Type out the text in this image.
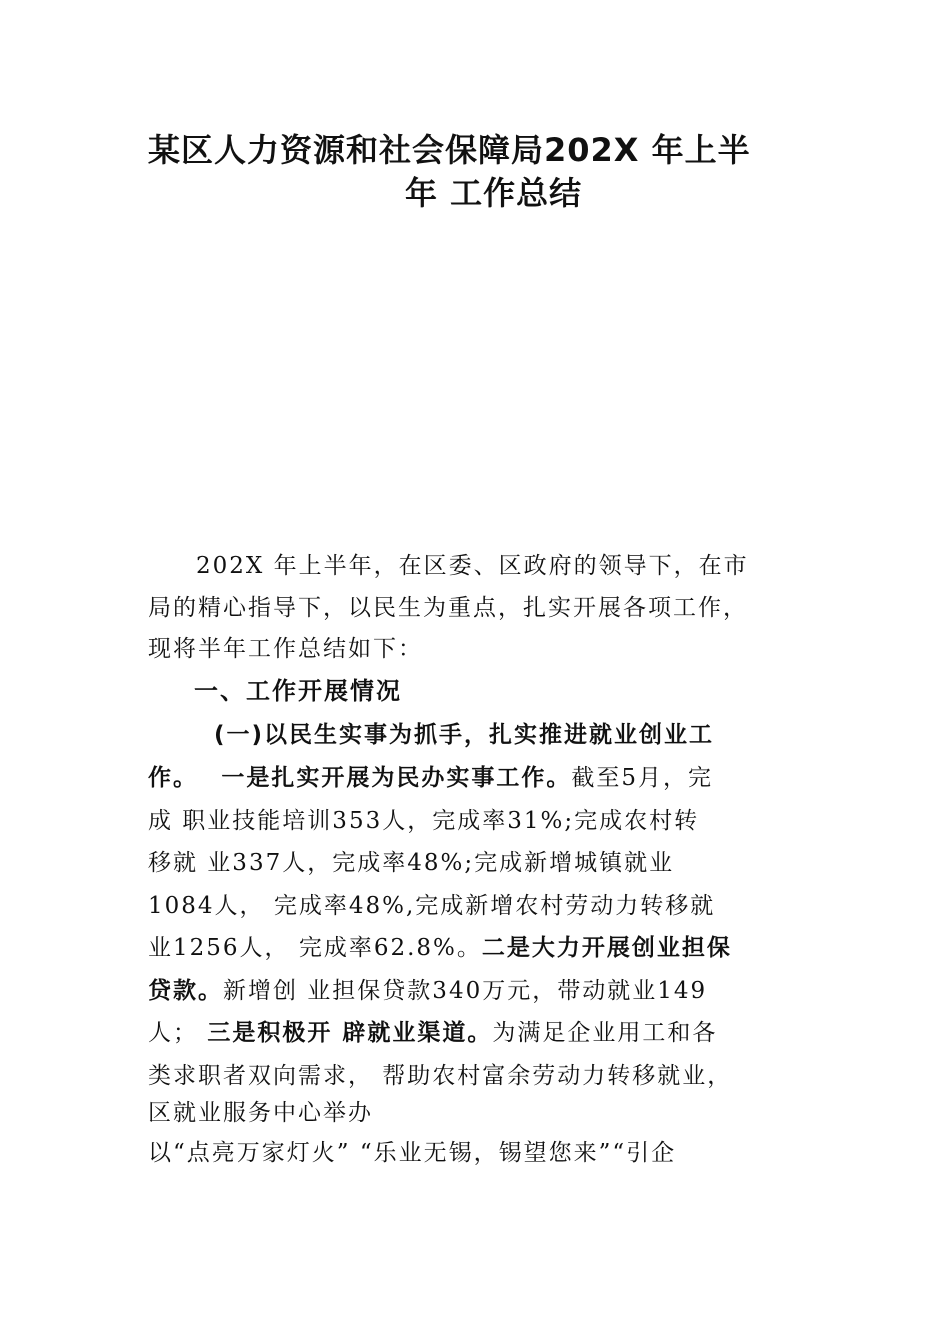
某区人力资源和社会保障局202X 年上半
年 工作总结
202X 年上半年，在区委、区政府的领导下，在市
局的精心指导下，以民生为重点，扎实开展各项工作，
现将半年工作总结如下：
一、工作开展情况
(一)以民生实事为抓手，扎实推进就业创业工
作。 一是扎实开展为民办实事工作。截至5月，完
成 职业技能培训353人，完成率31%;完成农村转
移就 业337人，完成率48%;完成新增城镇就业
1084人， 完成率48%,完成新增农村劳动力转移就
业1256人， 完成率62.8%。二是大力开展创业担保
贷款。新增创 业担保贷款340万元，带动就业149
人； 三是积极开 辟就业渠道。为满足企业用工和各
类求职者双向需求， 帮助农村富余劳动力转移就业，
区就业服务中心举办
以“点亮万家灯火” “乐业无锡，锡望您来”“引企
